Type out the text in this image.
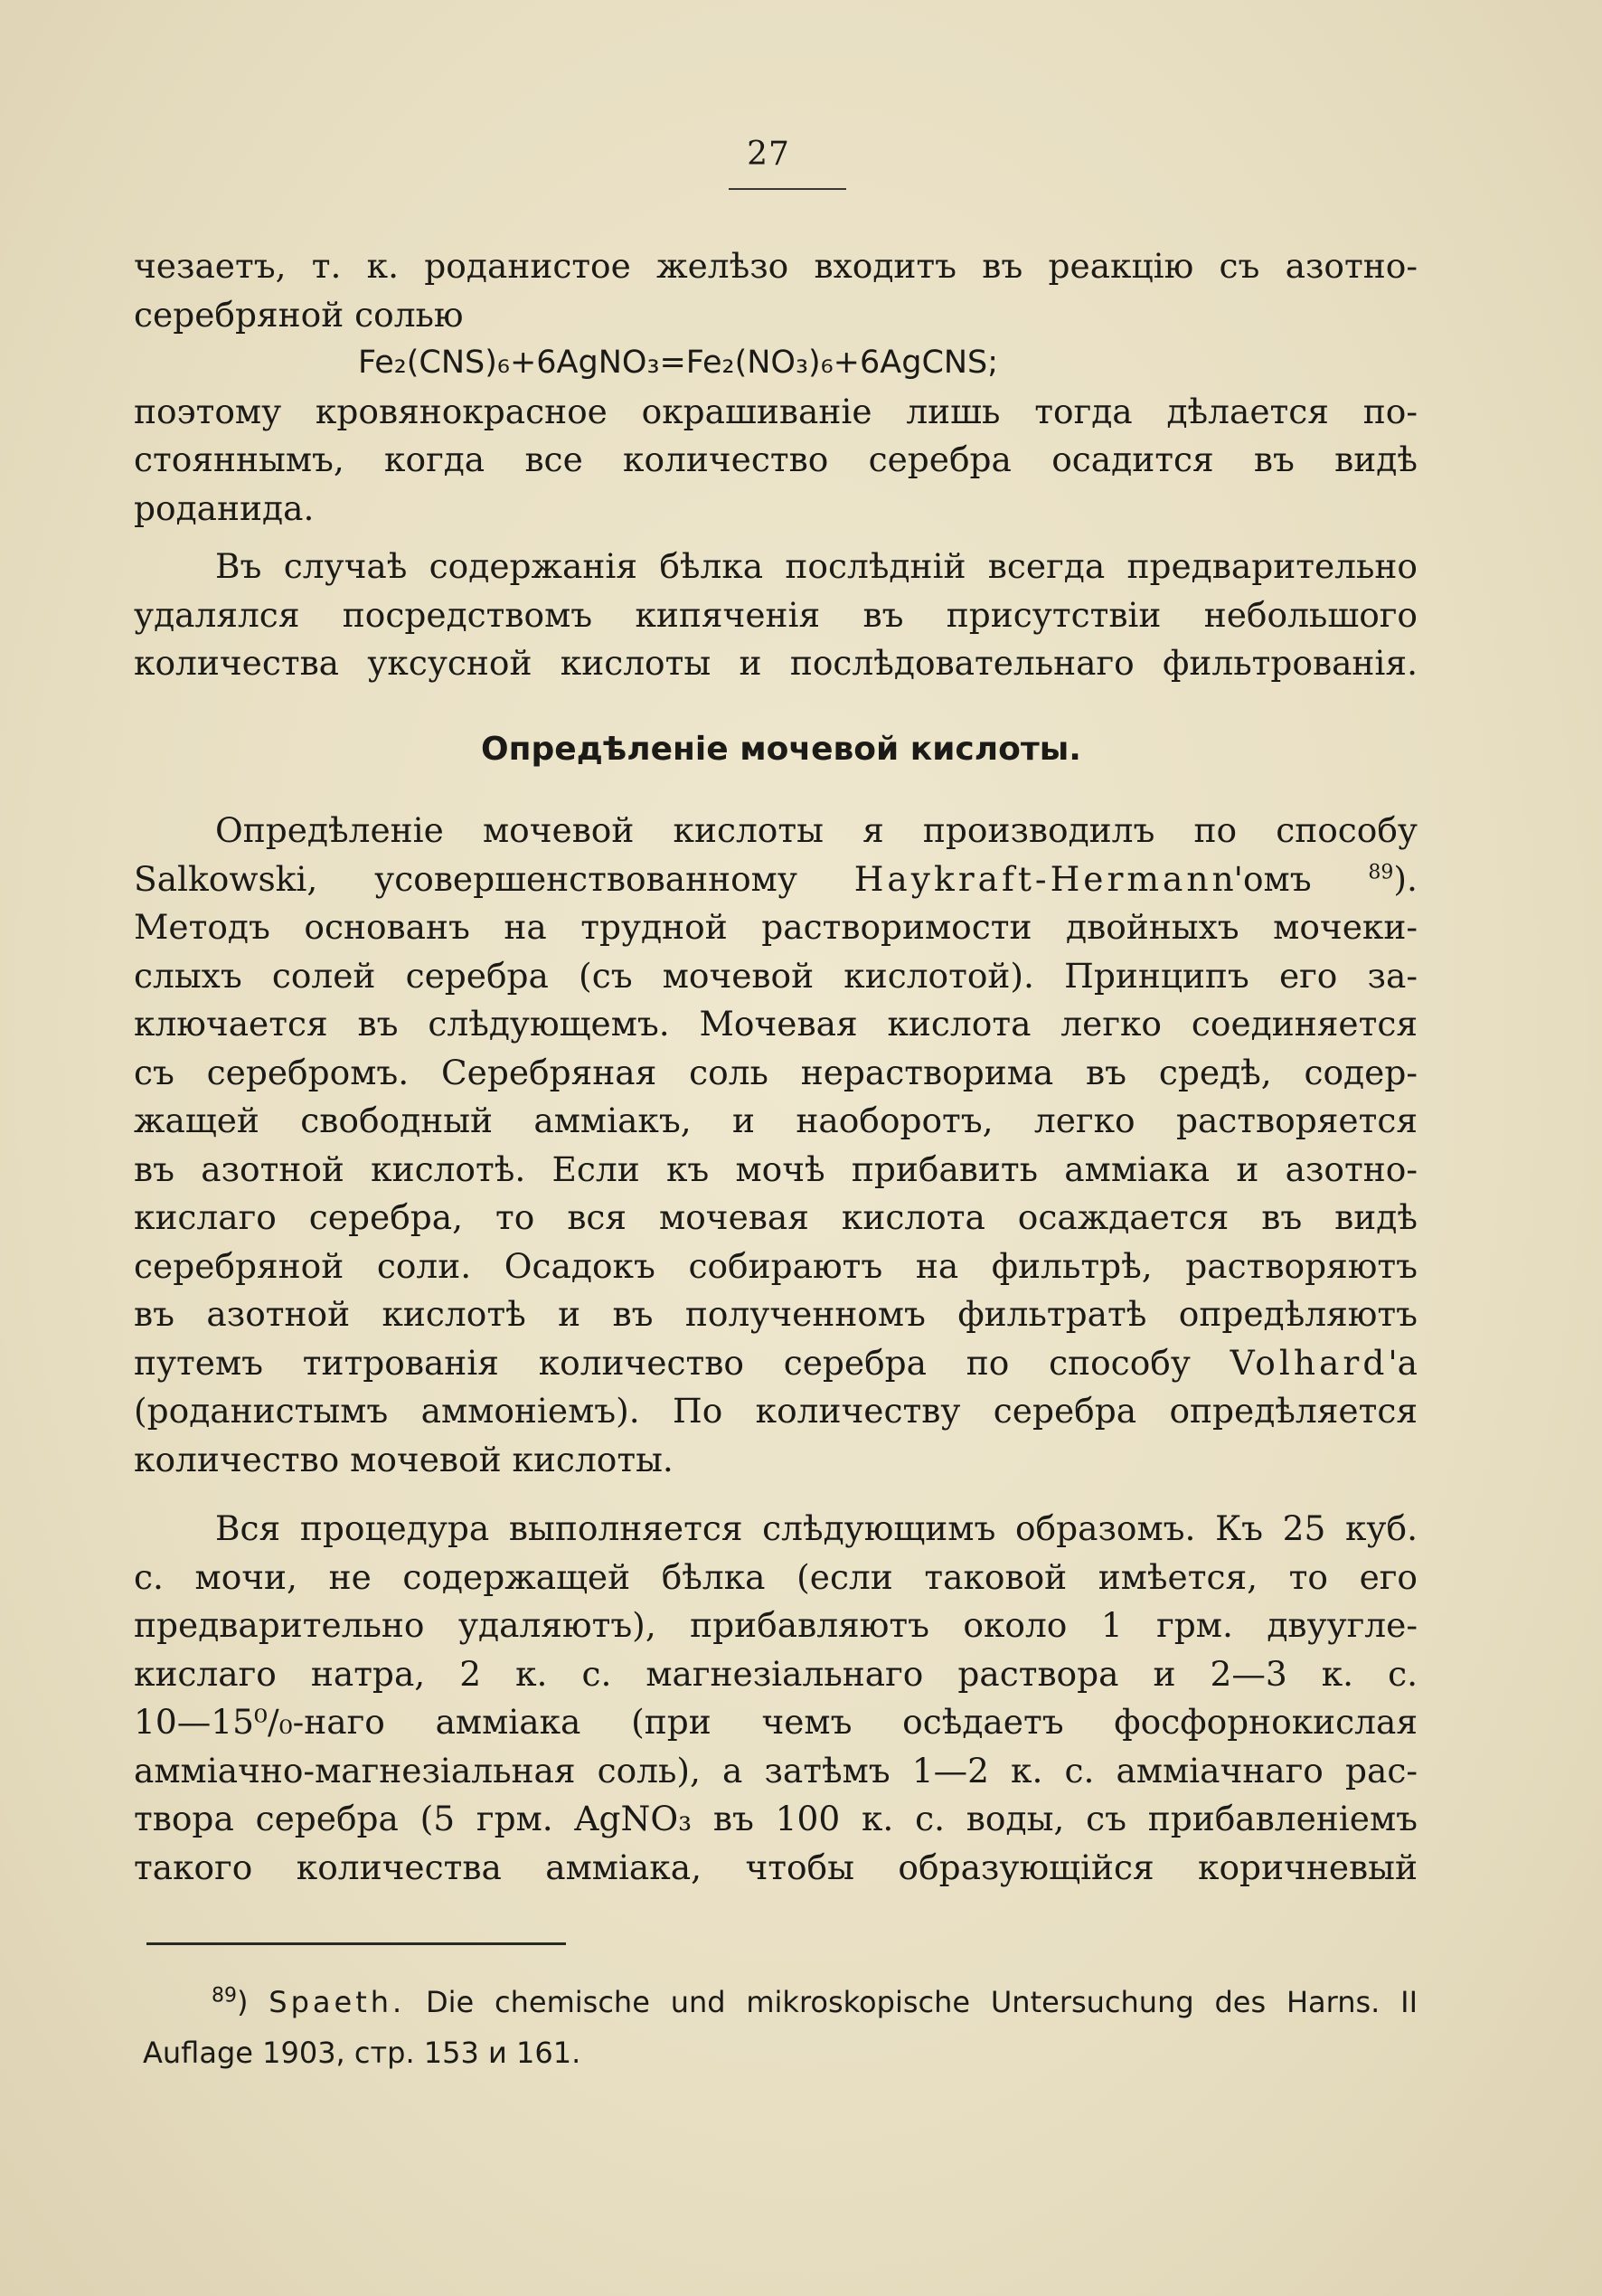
27
чезаетъ, т. к. роданистое желѣзо входитъ въ реакцію съ азотно-
серебряной солью
Fe₂(CNS)₆+6AgNO₃=Fe₂(NO₃)₆+6AgCNS;
поэтому кровянокрасное окрашиваніе лишь тогда дѣлается по-
стояннымъ, когда все количество серебра осадится въ видѣ
роданида.
Въ случаѣ содержанія бѣлка послѣдній всегда предварительно
удалялся посредствомъ кипяченія въ присутствіи небольшого
количества уксусной кислоты и послѣдовательнаго фильтрованія.
Опредѣленіе мочевой кислоты.
Опредѣленіе мочевой кислоты я производилъ по способу
Salkowski, усовершенствованному Haykraft-Hermann'омъ $^{89}$).
Методъ основанъ на трудной растворимости двойныхъ мочеки-
слыхъ солей серебра (съ мочевой кислотой). Принципъ его за-
ключается въ слѣдующемъ. Мочевая кислота легко соединяется
съ серебромъ. Серебряная соль нерастворима въ средѣ, содер-
жащей свободный аммiакъ, и наоборотъ, легко растворяется
въ азотной кислотѣ. Если къ мочѣ прибавить аммiака и азотно-
кислаго серебра, то вся мочевая кислота осаждается въ видѣ
серебряной соли. Осадокъ собираютъ на фильтрѣ, растворяютъ
въ азотной кислотѣ и въ полученномъ фильтратѣ опредѣляютъ
путемъ титрованія количество серебра по способу Volhard'a
(роданистымъ аммоніемъ). По количеству серебра опредѣляется
количество мочевой кислоты.
Вся процедура выполняется слѣдующимъ образомъ. Къ 25 куб.
с. мочи, не содержащей бѣлка (если таковой имѣется, то его
предварительно удаляютъ), прибавляютъ около 1 грм. двуугле-
кислаго натра, 2 к. с. магнезіальнаго раствора и 2—3 к. с.
10—15⁰/₀-наго аммiака (при чемъ осѣдаетъ фосфорнокислая
аммiачно-магнезіальная соль), а затѣмъ 1—2 к. с. аммiачнаго рас-
твора серебра (5 грм. AgNO₃ въ 100 к. с. воды, съ прибавленіемъ
такого количества аммiака, чтобы образующійся коричневый
$^{89}$) Spaeth. Die chemische und mikroskopische Untersuchung des Harns. II
Auflage 1903, стр. 153 и 161.
